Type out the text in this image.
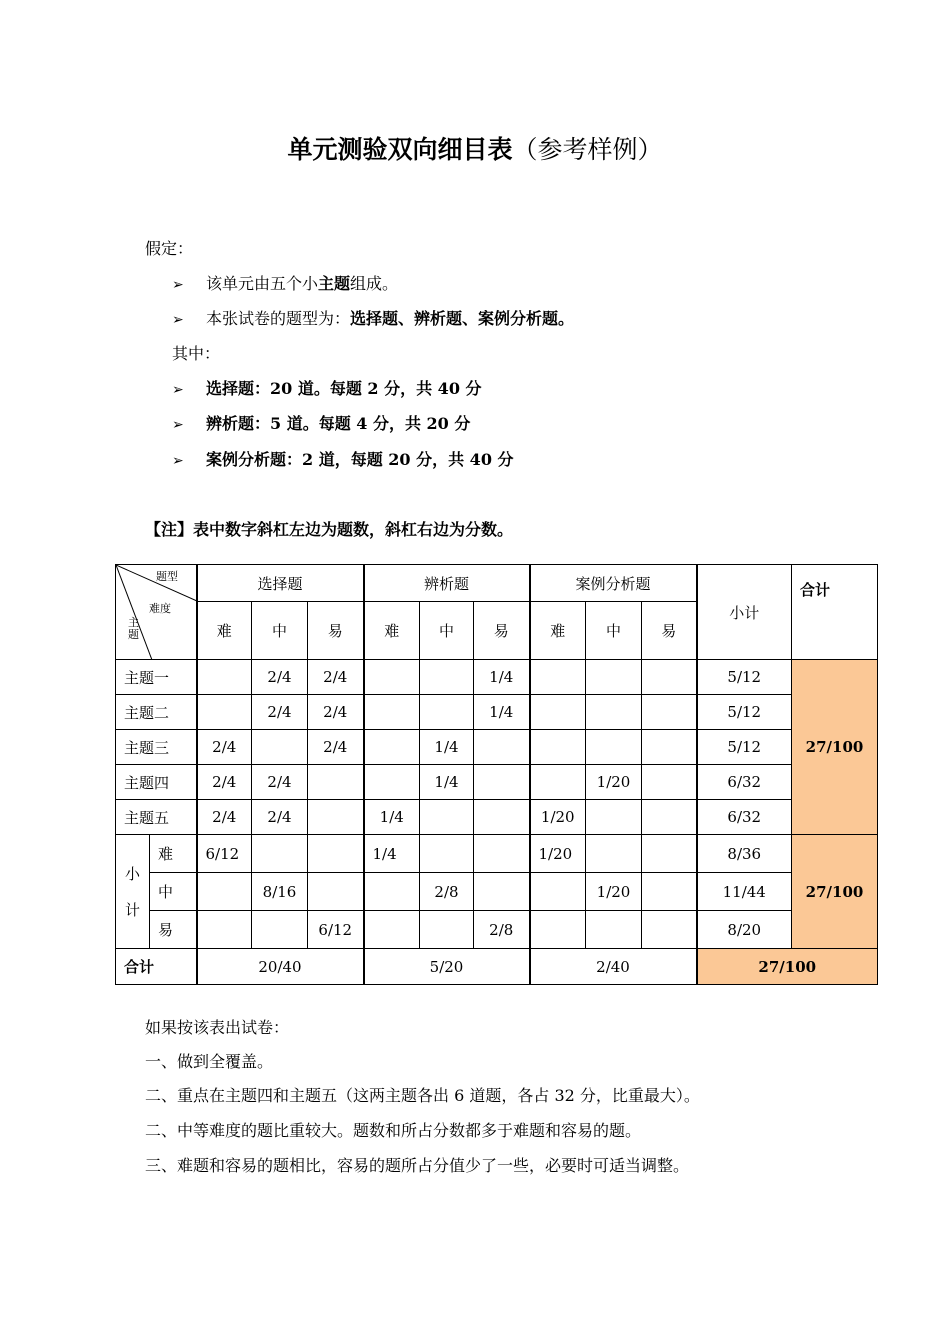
单元测验双向细目表（参考样例）
假定：
➢ 该单元由五个小主题组成。
➢ 本张试卷的题型为：选择题、辨析题、案例分析题。
其中：
➢ 选择题：20 道。每题 2 分，共 40 分
➢ 辨析题：5 道。每题 4 分，共 20 分
➢ 案例分析题：2 道，每题 20 分，共 40 分
【注】表中数字斜杠左边为题数，斜杠右边为分数。
题型
难度
主题		选择题			辨析题			案例分析题			小计	合计
		难	中	易	难	中	易	难	中	易		
主题一			2/4	2/4			1/4				5/12	27/100
主题二			2/4	2/4			1/4				5/12	
主题三		2/4		2/4		1/4					5/12	
主题四		2/4	2/4			1/4			1/20		6/32	
主题五		2/4	2/4		1/4			1/20			6/32	
小计	难	6/12			1/4			1/20			8/36	27/100
	中		8/16			2/8			1/20		11/44	
	易			6/12			2/8				8/20	
合计		20/40			5/20			2/40			27/100	
如果按该表出试卷：
一、做到全覆盖。
二、重点在主题四和主题五（这两主题各出 6 道题，各占 32 分，比重最大）。
二、中等难度的题比重较大。题数和所占分数都多于难题和容易的题。
三、难题和容易的题相比，容易的题所占分值少了一些，必要时可适当调整。
